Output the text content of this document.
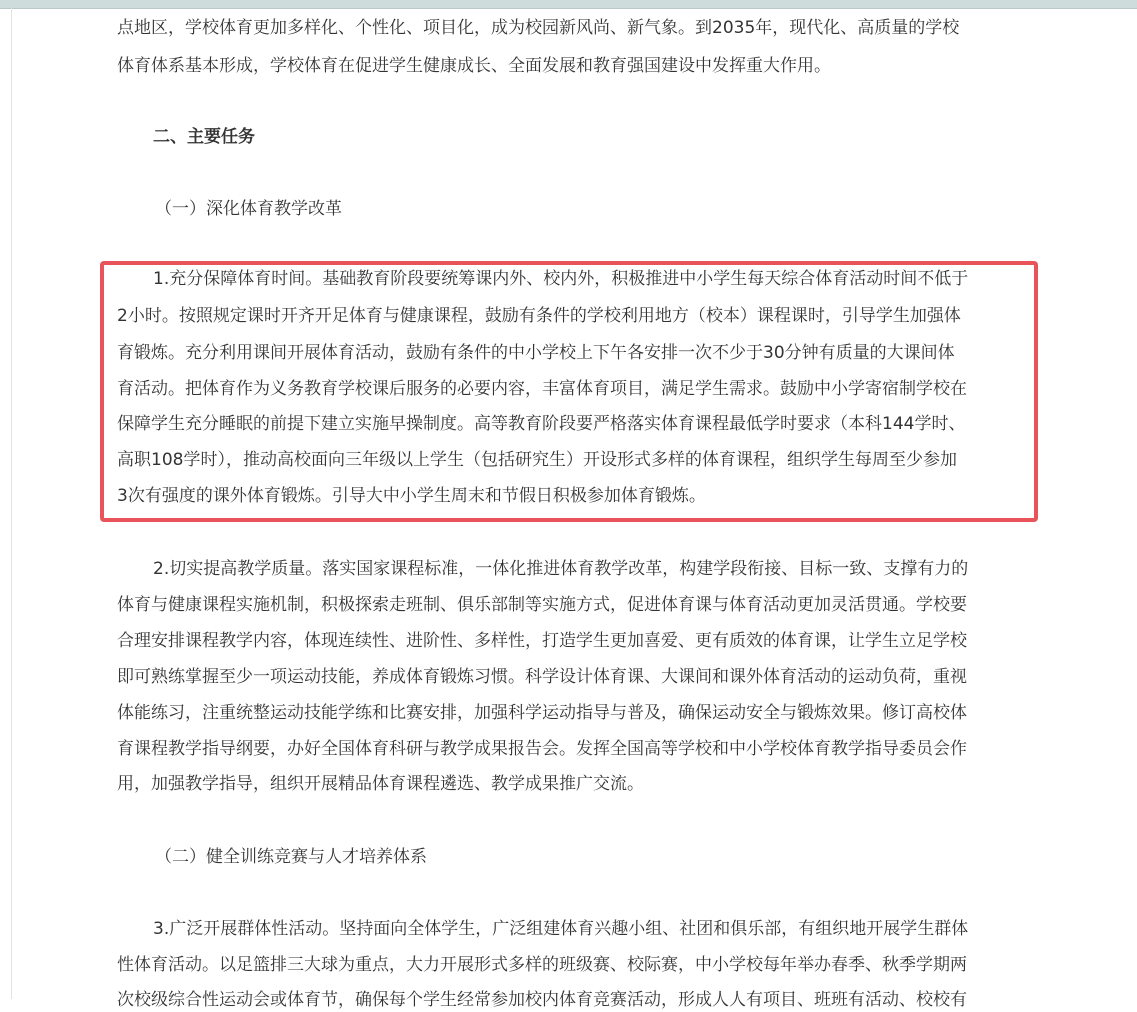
点地区，学校体育更加多样化、个性化、项目化，成为校园新风尚、新气象。到2035年，现代化、高质量的学校
体育体系基本形成，学校体育在促进学生健康成长、全面发展和教育强国建设中发挥重大作用。
二、主要任务
（一）深化体育教学改革
1.充分保障体育时间。基础教育阶段要统筹课内外、校内外，积极推进中小学生每天综合体育活动时间不低于
2小时。按照规定课时开齐开足体育与健康课程，鼓励有条件的学校利用地方（校本）课程课时，引导学生加强体
育锻炼。充分利用课间开展体育活动，鼓励有条件的中小学校上下午各安排一次不少于30分钟有质量的大课间体
育活动。把体育作为义务教育学校课后服务的必要内容，丰富体育项目，满足学生需求。鼓励中小学寄宿制学校在
保障学生充分睡眠的前提下建立实施早操制度。高等教育阶段要严格落实体育课程最低学时要求（本科144学时、
高职108学时），推动高校面向三年级以上学生（包括研究生）开设形式多样的体育课程，组织学生每周至少参加
3次有强度的课外体育锻炼。引导大中小学生周末和节假日积极参加体育锻炼。
2.切实提高教学质量。落实国家课程标准，一体化推进体育教学改革，构建学段衔接、目标一致、支撑有力的
体育与健康课程实施机制，积极探索走班制、俱乐部制等实施方式，促进体育课与体育活动更加灵活贯通。学校要
合理安排课程教学内容，体现连续性、进阶性、多样性，打造学生更加喜爱、更有质效的体育课，让学生立足学校
即可熟练掌握至少一项运动技能，养成体育锻炼习惯。科学设计体育课、大课间和课外体育活动的运动负荷，重视
体能练习，注重统整运动技能学练和比赛安排，加强科学运动指导与普及，确保运动安全与锻炼效果。修订高校体
育课程教学指导纲要，办好全国体育科研与教学成果报告会。发挥全国高等学校和中小学校体育教学指导委员会作
用，加强教学指导，组织开展精品体育课程遴选、教学成果推广交流。
（二）健全训练竞赛与人才培养体系
3.广泛开展群体性活动。坚持面向全体学生，广泛组建体育兴趣小组、社团和俱乐部，有组织地开展学生群体
性体育活动。以足篮排三大球为重点，大力开展形式多样的班级赛、校际赛，中小学校每年举办春季、秋季学期两
次校级综合性运动会或体育节，确保每个学生经常参加校内体育竞赛活动，形成人人有项目、班班有活动、校校有
